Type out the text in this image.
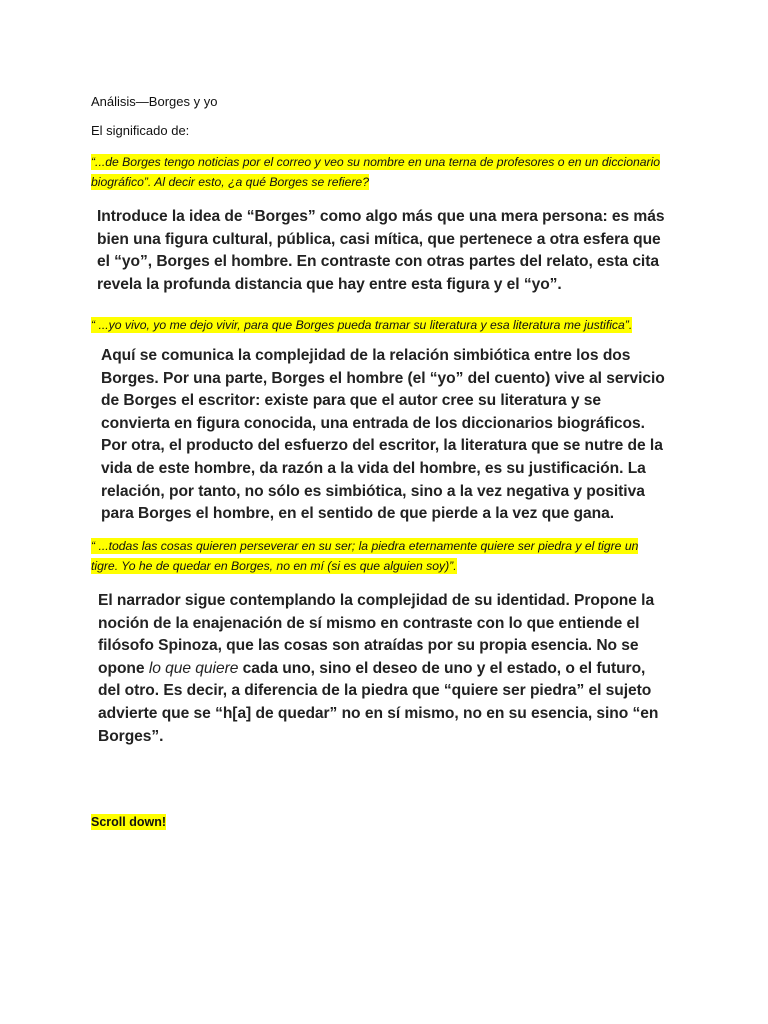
Análisis—Borges y yo
El significado de:
“...de Borges tengo noticias por el correo y veo su nombre en una terna de profesores o en un diccionario
biográfico”. Al decir esto, ¿a qué Borges se refiere?
Introduce la idea de “Borges” como algo más que una mera persona: es más
bien una figura cultural, pública, casi mítica, que pertenece a otra esfera que
el “yo”, Borges el hombre. En contraste con otras partes del relato, esta cita
revela la profunda distancia que hay entre esta figura y el “yo”.
“ ...yo vivo, yo me dejo vivir, para que Borges pueda tramar su literatura y esa literatura me justifica”.
Aquí se comunica la complejidad de la relación simbiótica entre los dos
Borges. Por una parte, Borges el hombre (el “yo” del cuento) vive al servicio
de Borges el escritor: existe para que el autor cree su literatura y se
convierta en figura conocida, una entrada de los diccionarios biográficos.
Por otra, el producto del esfuerzo del escritor, la literatura que se nutre de la
vida de este hombre, da razón a la vida del hombre, es su justificación. La
relación, por tanto, no sólo es simbiótica, sino a la vez negativa y positiva
para Borges el hombre, en el sentido de que pierde a la vez que gana.
“ ...todas las cosas quieren perseverar en su ser; la piedra eternamente quiere ser piedra y el tigre un
tigre. Yo he de quedar en Borges, no en mí (si es que alguien soy)”.
El narrador sigue contemplando la complejidad de su identidad. Propone la
noción de la enajenación de sí mismo en contraste con lo que entiende el
filósofo Spinoza, que las cosas son atraídas por su propia esencia. No se
opone lo que quiere cada uno, sino el deseo de uno y el estado, o el futuro,
del otro. Es decir, a diferencia de la piedra que “quiere ser piedra” el sujeto
advierte que se “h[a] de quedar” no en sí mismo, no en su esencia, sino “en
Borges”.
Scroll down!
